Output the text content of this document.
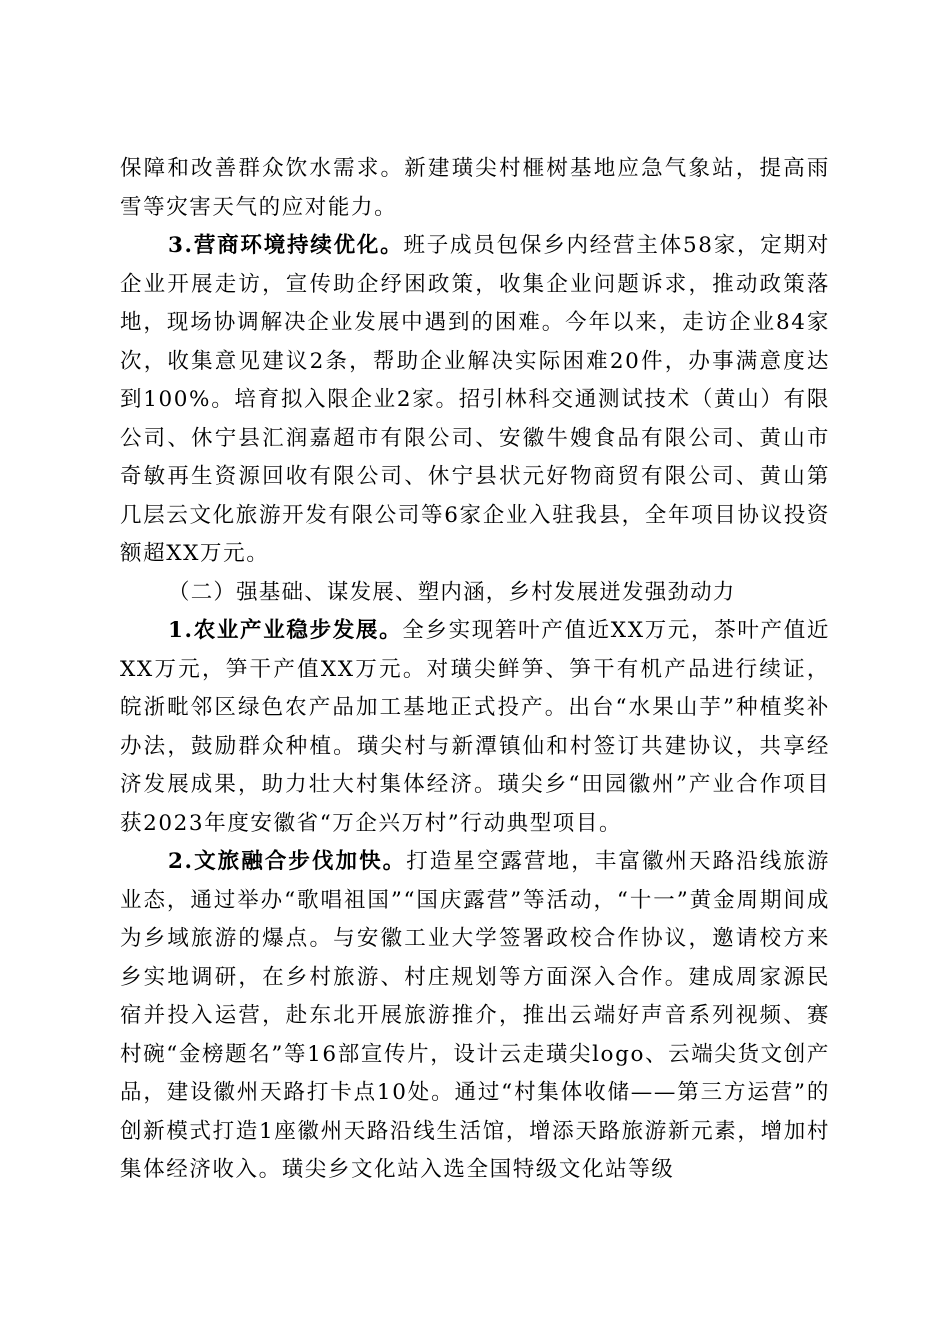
保障和改善群众饮水需求。新建璜尖村榧树基地应急气象站，提高雨雪等灾害天气的应对能力。

3.营商环境持续优化。班子成员包保乡内经营主体58家，定期对企业开展走访，宣传助企纾困政策，收集企业问题诉求，推动政策落地，现场协调解决企业发展中遇到的困难。今年以来，走访企业84家次，收集意见建议2条，帮助企业解决实际困难20件，办事满意度达到100%。培育拟入限企业2家。招引林科交通测试技术（黄山）有限公司、休宁县汇润嘉超市有限公司、安徽牛嫂食品有限公司、黄山市奇敏再生资源回收有限公司、休宁县状元好物商贸有限公司、黄山第几层云文化旅游开发有限公司等6家企业入驻我县，全年项目协议投资额超XX万元。

（二）强基础、谋发展、塑内涵，乡村发展迸发强劲动力

1.农业产业稳步发展。全乡实现箬叶产值近XX万元，茶叶产值近XX万元，笋干产值XX万元。对璜尖鲜笋、笋干有机产品进行续证，皖浙毗邻区绿色农产品加工基地正式投产。出台“水果山芋”种植奖补办法，鼓励群众种植。璜尖村与新潭镇仙和村签订共建协议，共享经济发展成果，助力壮大村集体经济。璜尖乡“田园徽州”产业合作项目获2023年度安徽省“万企兴万村”行动典型项目。

2.文旅融合步伐加快。打造星空露营地，丰富徽州天路沿线旅游业态，通过举办“歌唱祖国”“国庆露营”等活动，“十一”黄金周期间成为乡域旅游的爆点。与安徽工业大学签署政校合作协议，邀请校方来乡实地调研，在乡村旅游、村庄规划等方面深入合作。建成周家源民宿并投入运营，赴东北开展旅游推介，推出云端好声音系列视频、赛村碗“金榜题名”等16部宣传片，设计云走璜尖logo、云端尖货文创产品，建设徽州天路打卡点10处。通过“村集体收储——第三方运营”的创新模式打造1座徽州天路沿线生活馆，增添天路旅游新元素，增加村集体经济收入。璜尖乡文化站入选全国特级文化站等级
